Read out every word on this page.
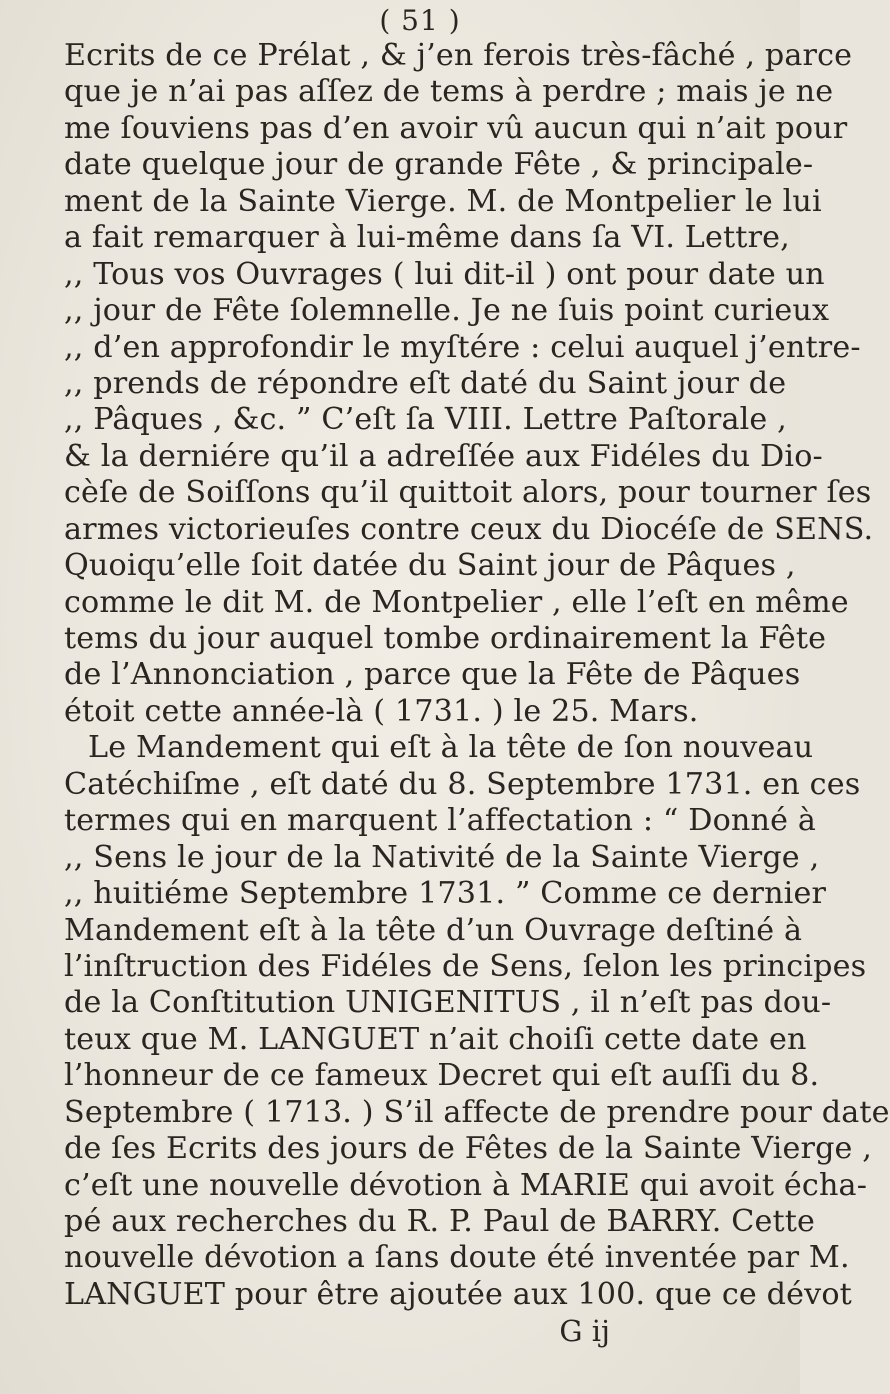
( 51 )
Ecrits de ce Prélat , & j’en ferois très-fâché , parce
que je n’ai pas aſſez de tems à perdre ; mais je ne
me ſouviens pas d’en avoir vû aucun qui n’ait pour
date quelque jour de grande Fête , & principale-
ment de la Sainte Vierge. M. de Montpelier le lui
a fait remarquer à lui-même dans ſa VI. Lettre,
,, Tous vos Ouvrages ( lui dit-il ) ont pour date un
,, jour de Fête ſolemnelle. Je ne ſuis point curieux
,, d’en approfondir le myſtére : celui auquel j’entre-
,, prends de répondre eſt daté du Saint jour de
,, Pâques , &c. ” C’eſt ſa VIII. Lettre Paſtorale ,
& la derniére qu’il a adreſſée aux Fidéles du Dio-
cèſe de Soiſſons qu’il quittoit alors, pour tourner ſes
armes victorieuſes contre ceux du Diocéſe de SENS.
Quoiqu’elle ſoit datée du Saint jour de Pâques ,
comme le dit M. de Montpelier , elle l’eſt en même
tems du jour auquel tombe ordinairement la Fête
de l’Annonciation , parce que la Fête de Pâques
étoit cette année-là ( 1731. ) le 25. Mars.
Le Mandement qui eſt à la tête de ſon nouveau
Catéchiſme , eſt daté du 8. Septembre 1731. en ces
termes qui en marquent l’affectation : “ Donné à
,, Sens le jour de la Nativité de la Sainte Vierge ,
,, huitiéme Septembre 1731. ” Comme ce dernier
Mandement eſt à la tête d’un Ouvrage deſtiné à
l’inſtruction des Fidéles de Sens, ſelon les principes
de la Conſtitution UNIGENITUS , il n’eſt pas dou-
teux que M. LANGUET n’ait choiſi cette date en
l’honneur de ce fameux Decret qui eſt auſſi du 8.
Septembre ( 1713. ) S’il affecte de prendre pour date
de ſes Ecrits des jours de Fêtes de la Sainte Vierge ,
c’eſt une nouvelle dévotion à MARIE qui avoit écha-
pé aux recherches du R. P. Paul de BARRY. Cette
nouvelle dévotion a ſans doute été inventée par M.
LANGUET pour être ajoutée aux 100. que ce dévot
G ij
